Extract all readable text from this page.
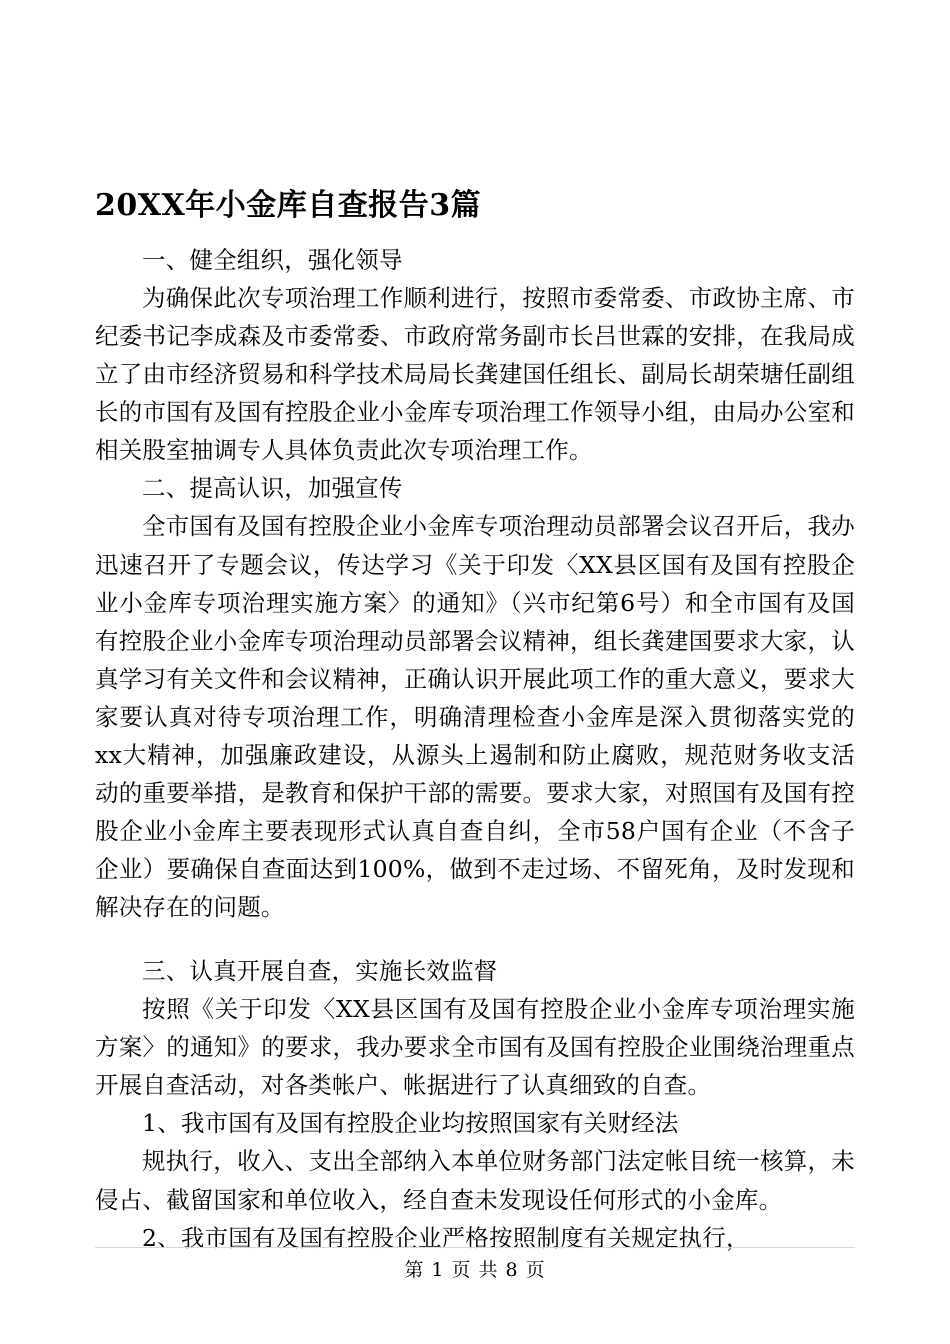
20XX年小金库自查报告3篇

一、健全组织，强化领导

为确保此次专项治理工作顺利进行，按照市委常委、市政协主席、市纪委书记李成森及市委常委、市政府常务副市长吕世霖的安排，在我局成立了由市经济贸易和科学技术局局长龚建国任组长、副局长胡荣塘任副组长的市国有及国有控股企业小金库专项治理工作领导小组，由局办公室和相关股室抽调专人具体负责此次专项治理工作。

二、提高认识，加强宣传

全市国有及国有控股企业小金库专项治理动员部署会议召开后，我办迅速召开了专题会议，传达学习《关于印发〈XX县区国有及国有控股企业小金库专项治理实施方案〉的通知》（兴市纪第6号）和全市国有及国有控股企业小金库专项治理动员部署会议精神，组长龚建国要求大家，认真学习有关文件和会议精神，正确认识开展此项工作的重大意义，要求大家要认真对待专项治理工作，明确清理检查小金库是深入贯彻落实党的xx大精神，加强廉政建设，从源头上遏制和防止腐败，规范财务收支活动的重要举措，是教育和保护干部的需要。要求大家，对照国有及国有控股企业小金库主要表现形式认真自查自纠，全市58户国有企业（不含子企业）要确保自查面达到100%，做到不走过场、不留死角，及时发现和解决存在的问题。

三、认真开展自查，实施长效监督

按照《关于印发〈XX县区国有及国有控股企业小金库专项治理实施方案〉的通知》的要求，我办要求全市国有及国有控股企业围绕治理重点开展自查活动，对各类帐户、帐据进行了认真细致的自查。

1、我市国有及国有控股企业均按照国家有关财经法

规执行，收入、支出全部纳入本单位财务部门法定帐目统一核算，未侵占、截留国家和单位收入，经自查未发现设任何形式的小金库。

2、我市国有及国有控股企业严格按照制度有关规定执行，

第 1 页 共 8 页
